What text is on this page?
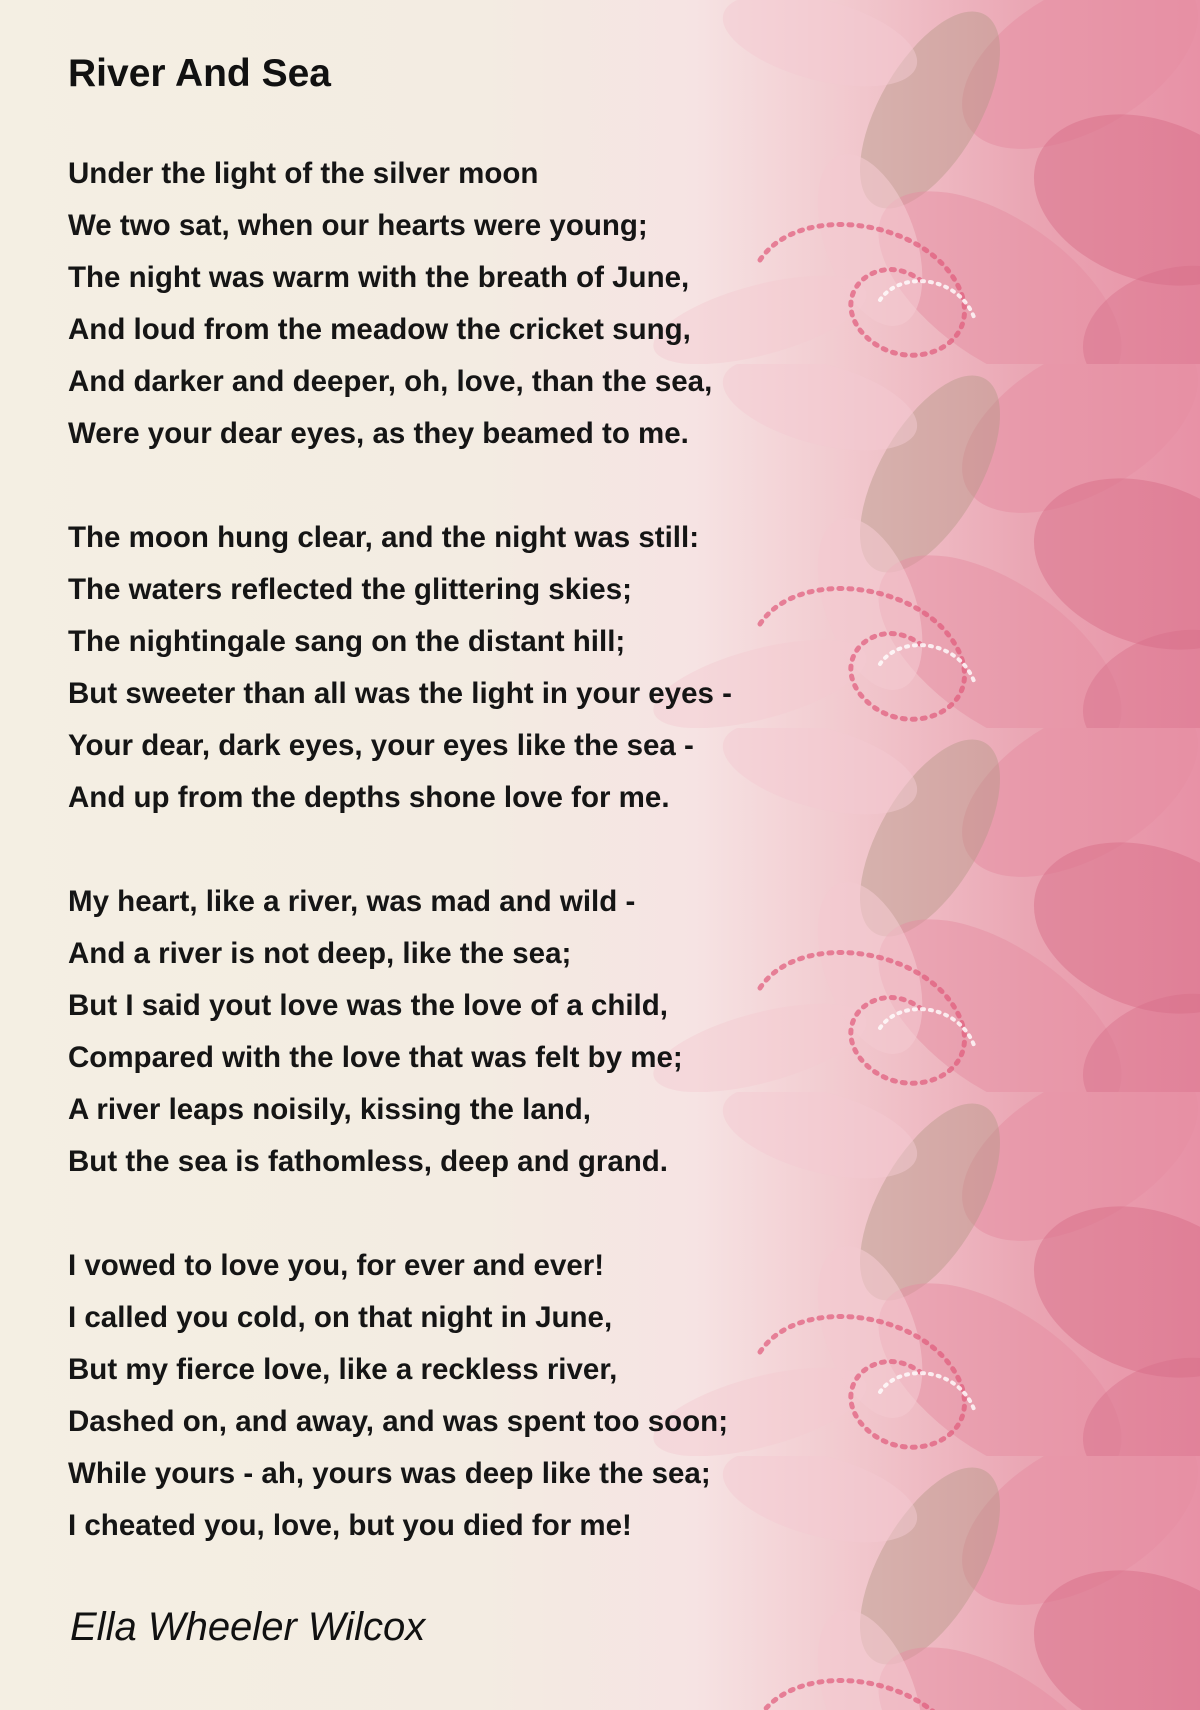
River And Sea
Under the light of the silver moon
We two sat, when our hearts were young;
The night was warm with the breath of June,
And loud from the meadow the cricket sung,
And darker and deeper, oh, love, than the sea,
Were your dear eyes, as they beamed to me.
The moon hung clear, and the night was still:
The waters reflected the glittering skies;
The nightingale sang on the distant hill;
But sweeter than all was the light in your eyes -
Your dear, dark eyes, your eyes like the sea -
And up from the depths shone love for me.
My heart, like a river, was mad and wild -
And a river is not deep, like the sea;
But I said yout love was the love of a child,
Compared with the love that was felt by me;
A river leaps noisily, kissing the land,
But the sea is fathomless, deep and grand.
I vowed to love you, for ever and ever!
I called you cold, on that night in June,
But my fierce love, like a reckless river,
Dashed on, and away, and was spent too soon;
While yours - ah, yours was deep like the sea;
I cheated you, love, but you died for me!
Ella Wheeler Wilcox
